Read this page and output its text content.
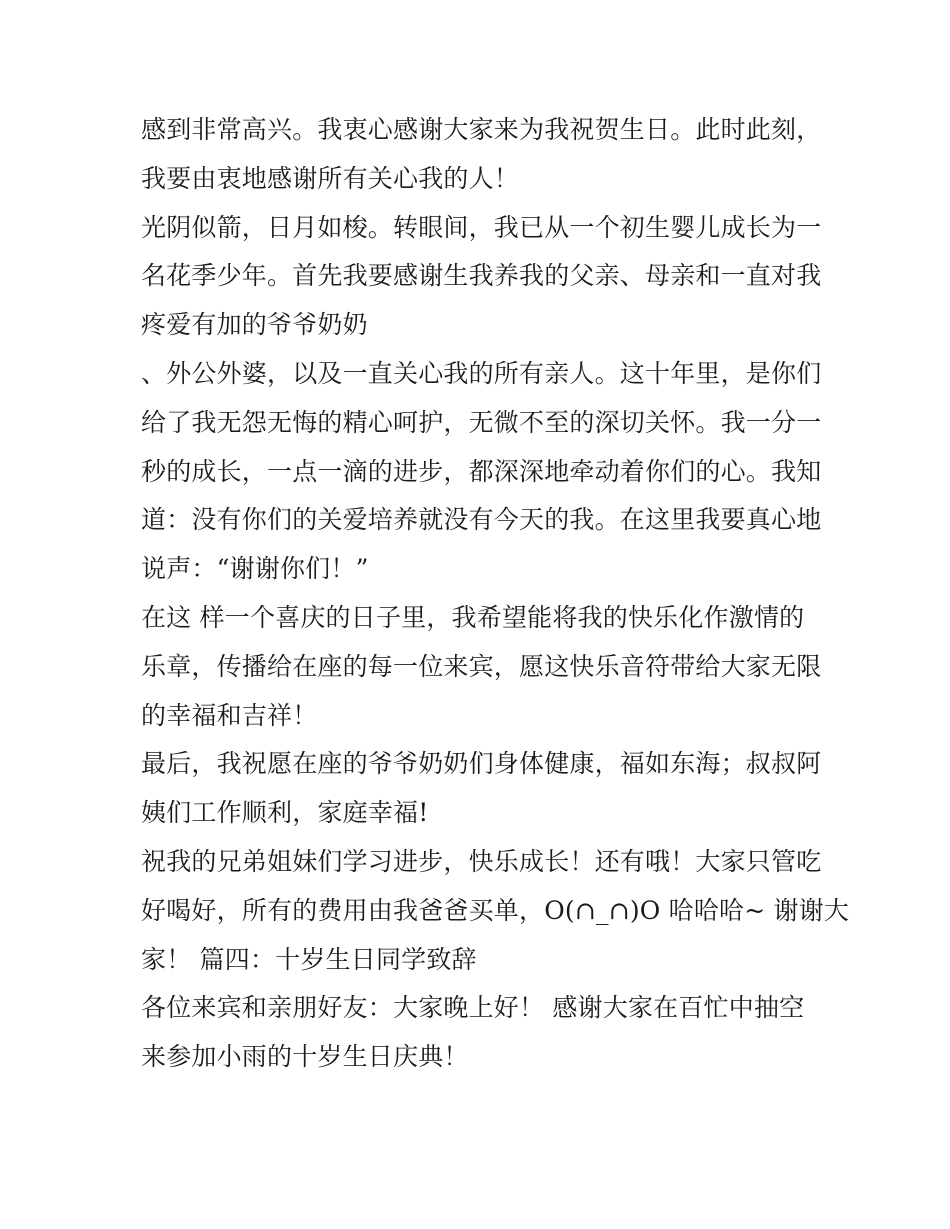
感到非常高兴。我衷心感谢大家来为我祝贺生日。此时此刻，
我要由衷地感谢所有关心我的人！
光阴似箭，日月如梭。转眼间，我已从一个初生婴儿成长为一
名花季少年。首先我要感谢生我养我的父亲、母亲和一直对我
疼爱有加的爷爷奶奶
、外公外婆，以及一直关心我的所有亲人。这十年里，是你们
给了我无怨无悔的精心呵护，无微不至的深切关怀。我一分一
秒的成长，一点一滴的进步，都深深地牵动着你们的心。我知
道：没有你们的关爱培养就没有今天的我。在这里我要真心地
说声：“谢谢你们！”
在这 样一个喜庆的日子里，我希望能将我的快乐化作激情的
乐章，传播给在座的每一位来宾，愿这快乐音符带给大家无限
的幸福和吉祥！
最后，我祝愿在座的爷爷奶奶们身体健康，福如东海；叔叔阿
姨们工作顺利，家庭幸福!
祝我的兄弟姐妹们学习进步，快乐成长！还有哦！大家只管吃
好喝好，所有的费用由我爸爸买单，O(∩_∩)O 哈哈哈~ 谢谢大
家！ 篇四：十岁生日同学致辞
各位来宾和亲朋好友：大家晚上好！ 感谢大家在百忙中抽空
来参加小雨的十岁生日庆典！
